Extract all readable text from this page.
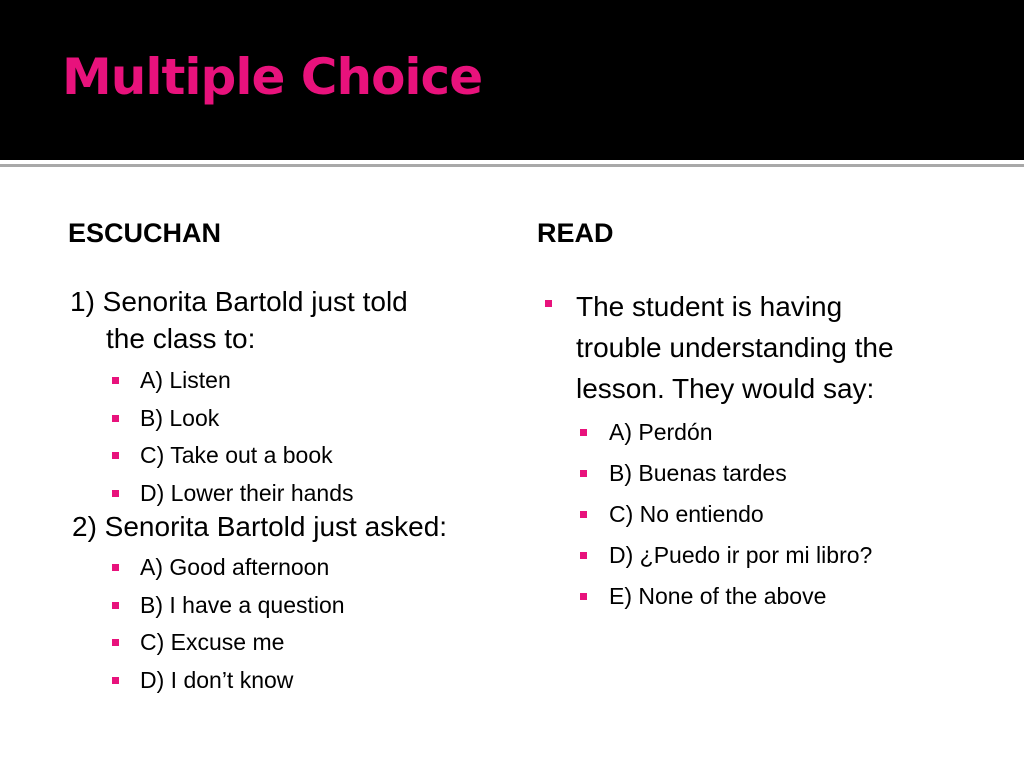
Multiple Choice
ESCUCHAN
1) Senorita Bartold just told
the class to:
A) Listen
B) Look
C) Take out a book
D) Lower their hands
2) Senorita Bartold just asked:
A) Good afternoon
B) I have a question
C) Excuse me
D) I don’t know
READ
The student is having
trouble understanding the
lesson. They would say:
A) Perdón
B) Buenas tardes
C) No entiendo
D) ¿Puedo ir por mi libro?
E) None of the above
